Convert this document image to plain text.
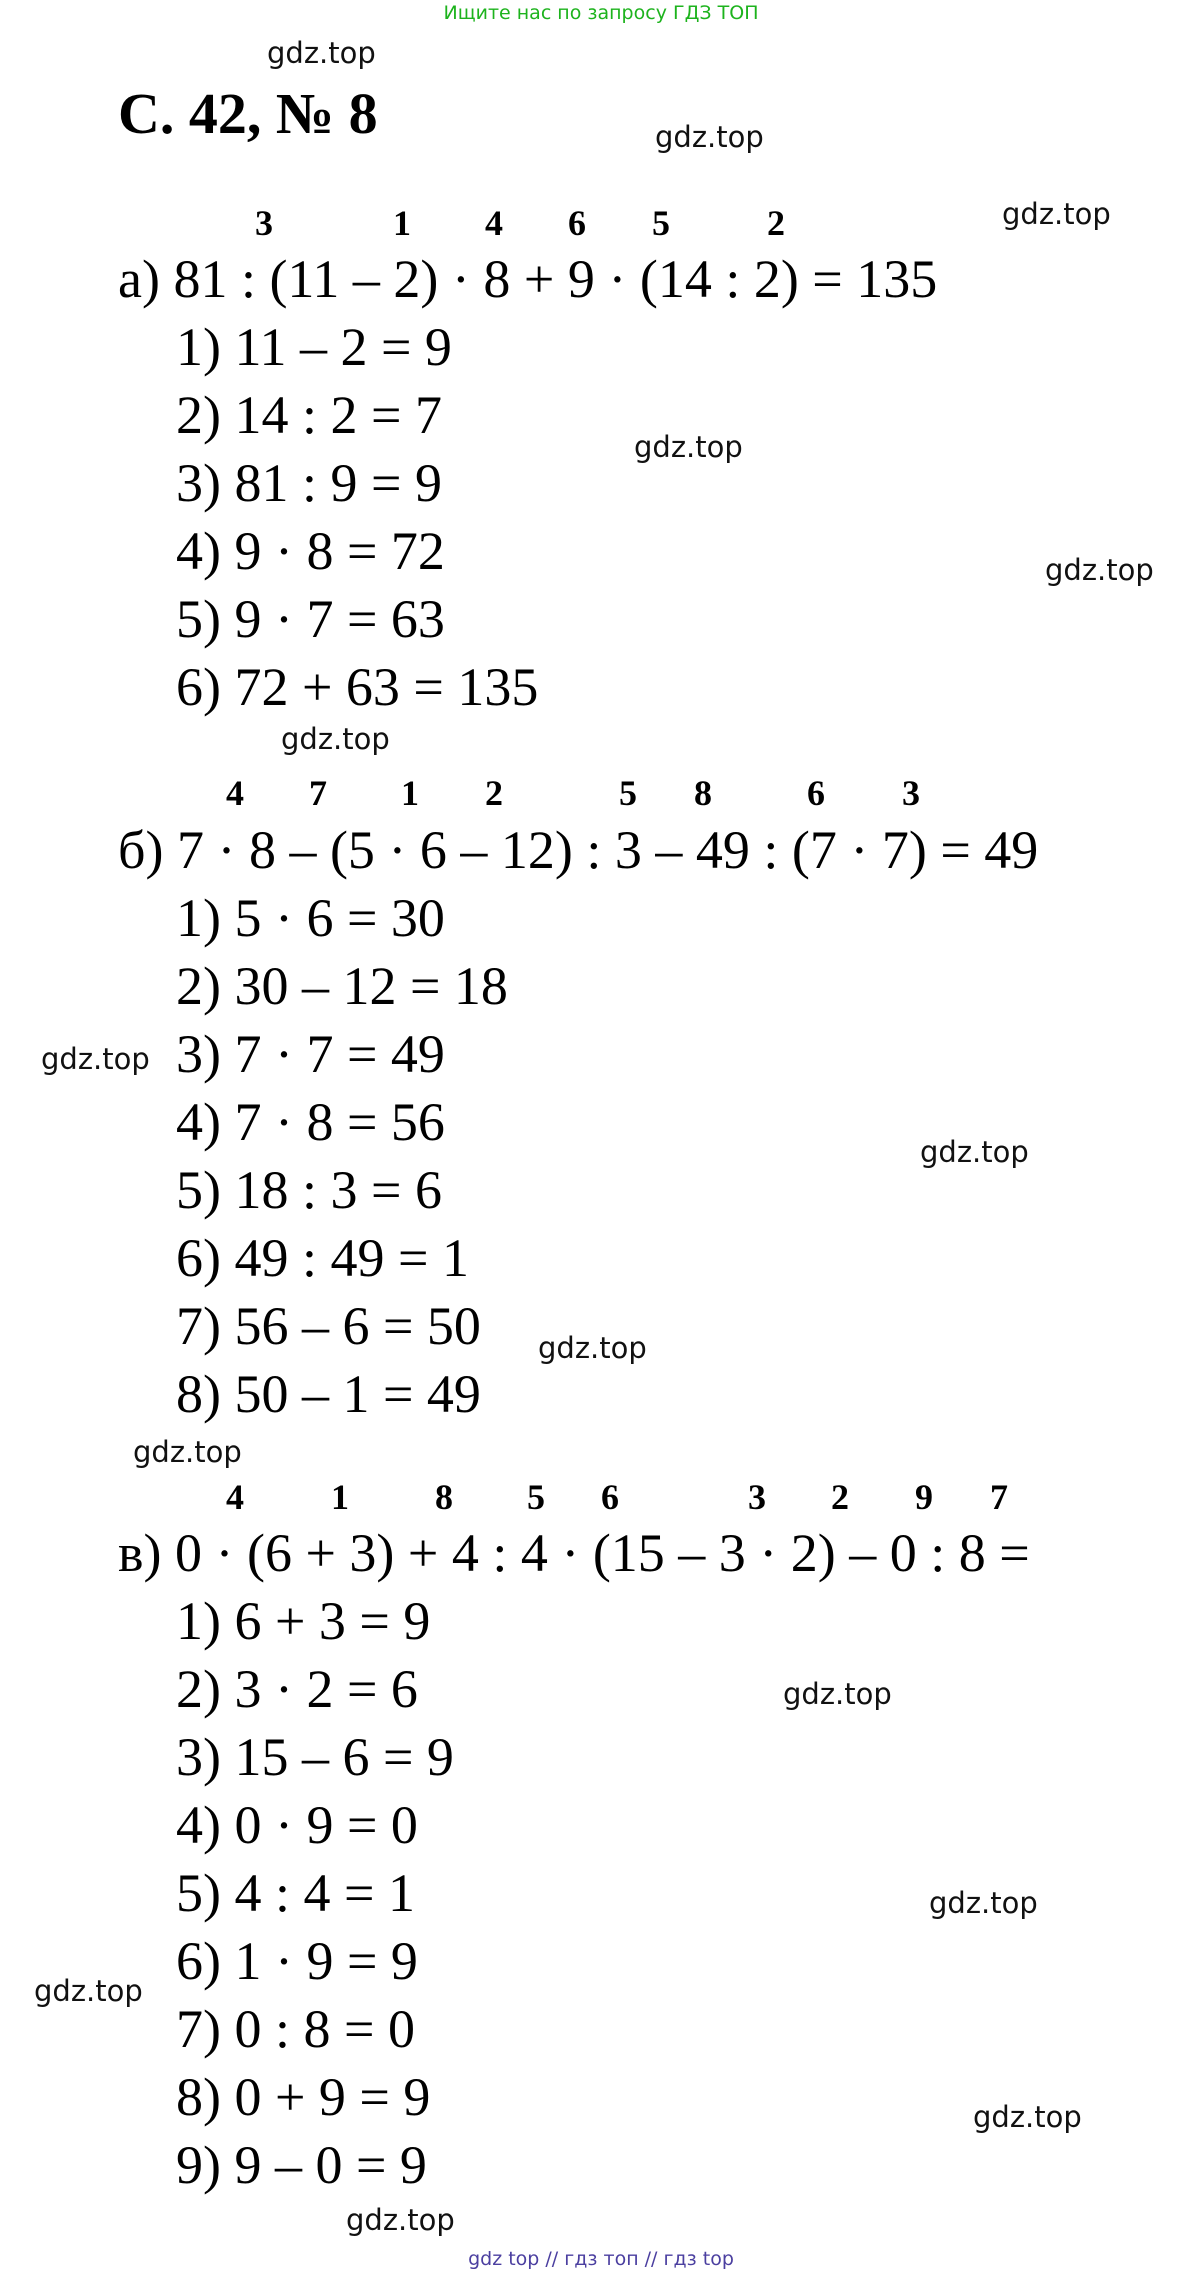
Ищите нас по запросу ГДЗ ТОП
gdz.top
gdz.top
gdz.top
gdz.top
gdz.top
gdz.top
gdz.top
gdz.top
gdz.top
gdz.top
gdz.top
gdz.top
gdz.top
gdz.top
gdz.top
С. 42, № 8
3	1 4 6 5	2
а) 81 : (11 – 2) · 8 + 9 · (14 : 2) = 135
1) 11 – 2 = 9
2) 14 : 2 = 7
3) 81 : 9 = 9
4) 9 · 8 = 72
5) 9 · 7 = 63
6) 72 + 63 = 135
4 7 1 2	5 8	6 3
б) 7 · 8 – (5 · 6 – 12) : 3 – 49 : (7 · 7) = 49
1) 5 · 6 = 30
2) 30 – 12 = 18
3) 7 · 7 = 49
4) 7 · 8 = 56
5) 18 : 3 = 6
6) 49 : 49 = 1
7) 56 – 6 = 50
8) 50 – 1 = 49
4 1 8 5 6	3 2 9 7
в) 0 · (6 + 3) + 4 : 4 · (15 – 3 · 2) – 0 : 8 =
1) 6 + 3 = 9
2) 3 · 2 = 6
3) 15 – 6 = 9
4) 0 · 9 = 0
5) 4 : 4 = 1
6) 1 · 9 = 9
7) 0 : 8 = 0
8) 0 + 9 = 9
9) 9 – 0 = 9
gdz top // гдз топ // гдз top
